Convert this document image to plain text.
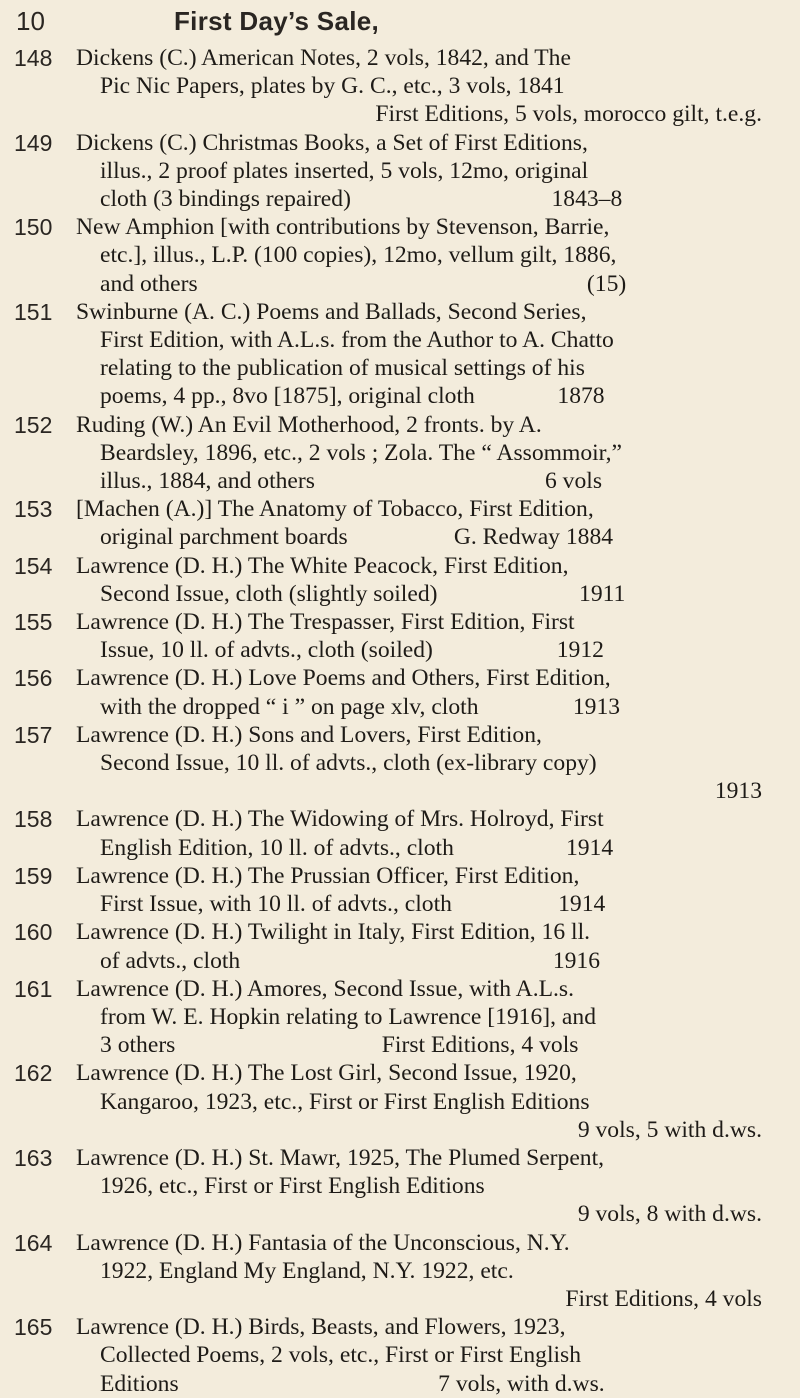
10	First Day’s Sale,
148 Dickens (C.) American Notes, 2 vols, 1842, and The
Pic Nic Papers, plates by G. C., etc., 3 vols, 1841
First Editions, 5 vols, morocco gilt, t.e.g.
149 Dickens (C.) Christmas Books, a Set of First Editions,
illus., 2 proof plates inserted, 5 vols, 12mo, original
cloth (3 bindings repaired)                                  1843–8
150 New Amphion [with contributions by Stevenson, Barrie,
etc.], illus., L.P. (100 copies), 12mo, vellum gilt, 1886,
and others                                                                  (15)
151 Swinburne (A. C.) Poems and Ballads, Second Series,
First Edition, with A.L.s. from the Author to A. Chatto
relating to the publication of musical settings of his
poems, 4 pp., 8vo [1875], original cloth              1878
152 Ruding (W.) An Evil Motherhood, 2 fronts. by A.
Beardsley, 1896, etc., 2 vols ; Zola. The “ Assommoir,”
illus., 1884, and others                                       6 vols
153 [Machen (A.)] The Anatomy of Tobacco, First Edition,
original parchment boards                  G. Redway 1884
154 Lawrence (D. H.) The White Peacock, First Edition,
Second Issue, cloth (slightly soiled)                        1911
155 Lawrence (D. H.) The Trespasser, First Edition, First
Issue, 10 ll. of advts., cloth (soiled)                     1912
156 Lawrence (D. H.) Love Poems and Others, First Edition,
with the dropped “ i ” on page xlv, cloth                1913
157 Lawrence (D. H.) Sons and Lovers, First Edition,
Second Issue, 10 ll. of advts., cloth (ex-library copy)
1913
158 Lawrence (D. H.) The Widowing of Mrs. Holroyd, First
English Edition, 10 ll. of advts., cloth                   1914
159 Lawrence (D. H.) The Prussian Officer, First Edition,
First Issue, with 10 ll. of advts., cloth                  1914
160 Lawrence (D. H.) Twilight in Italy, First Edition, 16 ll.
of advts., cloth                                                     1916
161 Lawrence (D. H.) Amores, Second Issue, with A.L.s.
from W. E. Hopkin relating to Lawrence [1916], and
3 others                                   First Editions, 4 vols
162 Lawrence (D. H.) The Lost Girl, Second Issue, 1920,
Kangaroo, 1923, etc., First or First English Editions
9 vols, 5 with d.ws.
163 Lawrence (D. H.) St. Mawr, 1925, The Plumed Serpent,
1926, etc., First or First English Editions
9 vols, 8 with d.ws.
164 Lawrence (D. H.) Fantasia of the Unconscious, N.Y.
1922, England My England, N.Y. 1922, etc.
First Editions, 4 vols
165 Lawrence (D. H.) Birds, Beasts, and Flowers, 1923,
Collected Poems, 2 vols, etc., First or First English
Editions                                            7 vols, with d.ws.
